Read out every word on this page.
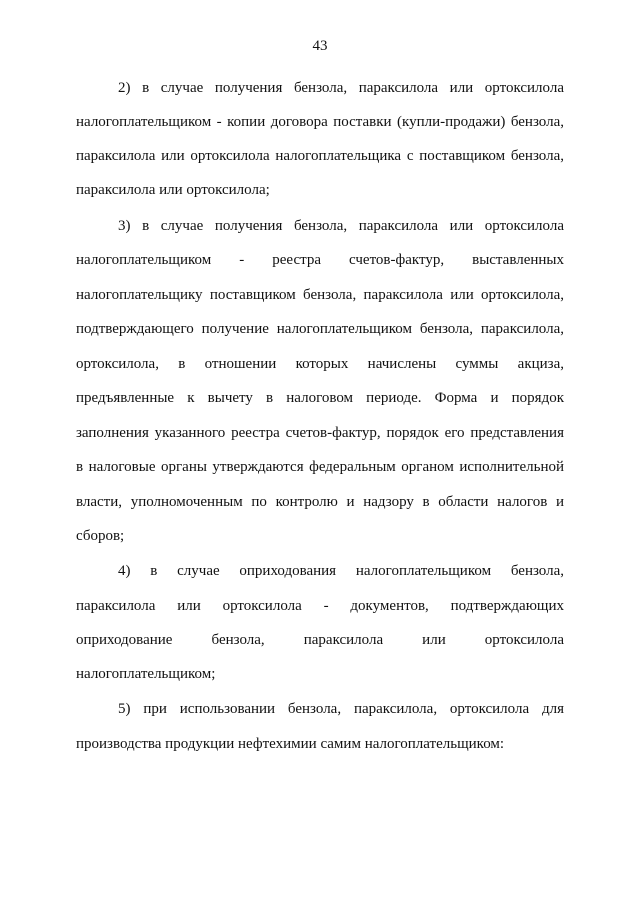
43
2) в случае получения бензола, параксилола или ортоксилола
налогоплательщиком - копии договора поставки (купли-продажи) бензола,
параксилола или ортоксилола налогоплательщика с поставщиком бензола,
параксилола или ортоксилола;
3) в случае получения бензола, параксилола или ортоксилола
налогоплательщиком - реестра счетов-фактур, выставленных
налогоплательщику поставщиком бензола, параксилола или ортоксилола,
подтверждающего получение налогоплательщиком бензола, параксилола,
ортоксилола, в отношении которых начислены суммы акциза,
предъявленные к вычету в налоговом периоде. Форма и порядок
заполнения указанного реестра счетов-фактур, порядок его представления
в налоговые органы утверждаются федеральным органом исполнительной
власти, уполномоченным по контролю и надзору в области налогов и
сборов;
4) в случае оприходования налогоплательщиком бензола,
параксилола или ортоксилола - документов, подтверждающих
оприходование бензола, параксилола или ортоксилола
налогоплательщиком;
5) при использовании бензола, параксилола, ортоксилола для
производства продукции нефтехимии самим налогоплательщиком:
